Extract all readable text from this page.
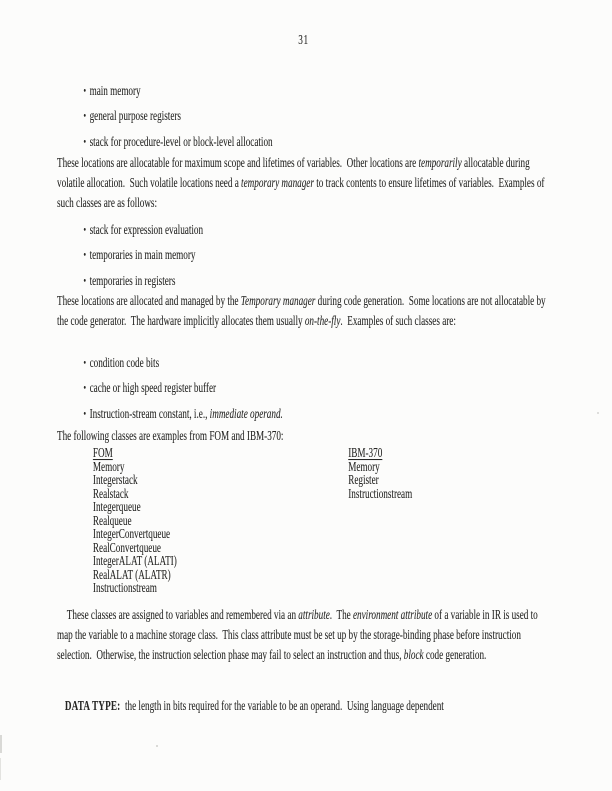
31
• main memory
• general purpose registers
• stack for procedure-level or block-level allocation

These locations are allocatable for maximum scope and lifetimes of variables.  Other locations are temporarily allocatable during volatile allocation.  Such volatile locations need a temporary manager to track contents to ensure lifetimes of variables.  Examples of such classes are as follows:

• stack for expression evaluation
• temporaries in main memory
• temporaries in registers

These locations are allocated and managed by the Temporary manager during code generation.  Some locations are not allocatable by the code generator.  The hardware implicitly allocates them usually on-the-fly.  Examples of such classes are:

• condition code bits
• cache or high speed register buffer
• Instruction-stream constant, i.e., immediate operand.

The following classes are examples from FOM and IBM-370:

FOM
Memory
Integerstack
Realstack
Integerqueue
Realqueue
IntegerConvertqueue
RealConvertqueue
IntegerALAT (ALATI)
RealALAT (ALATR)
Instructionstream
IBM-370
Memory
Register
Instructionstream

These classes are assigned to variables and remembered via an attribute.  The environment attribute of a variable in IR is used to map the variable to a machine storage class.  This class attribute must be set up by the storage-binding phase before instruction selection.  Otherwise, the instruction selection phase may fail to select an instruction and thus, block code generation.

DATA TYPE:  the length in bits required for the variable to be an operand.  Using language dependent
